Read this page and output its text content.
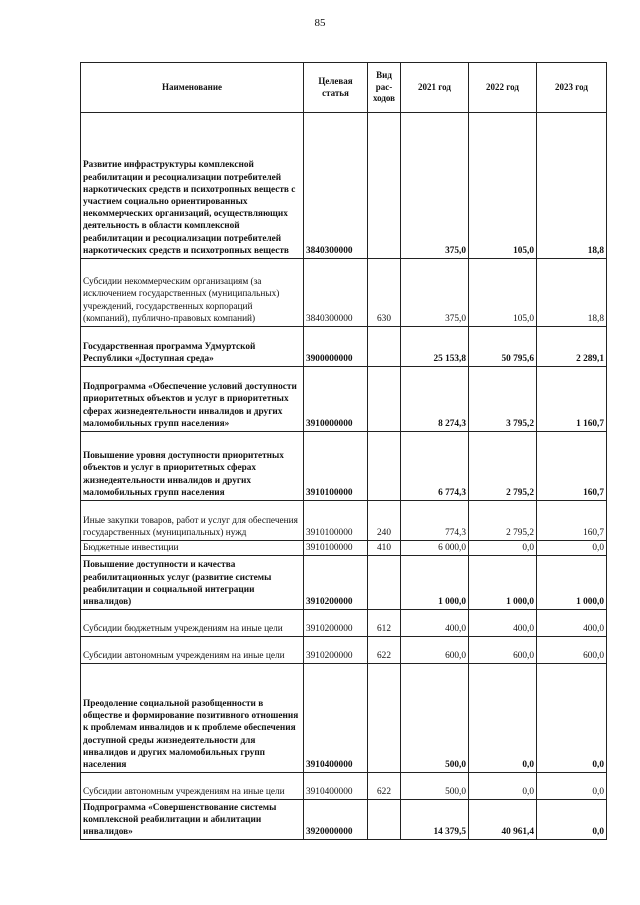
85
Наименование	Целевая статья	Вид рас-ходов	2021 год	2022 год	2023 год
Развитие инфраструктуры комплексной реабилитации и ресоциализации потребителей наркотических средств и психотропных веществ с участием социально ориентированных некоммерческих организаций, осуществляющих деятельность в области комплексной реабилитации и ресоциализации потребителей наркотических средств и психотропных веществ	3840300000		375,0	105,0	18,8
Субсидии некоммерческим организациям (за исключением государственных (муниципальных) учреждений, государственных корпораций (компаний), публично-правовых компаний)	3840300000	630	375,0	105,0	18,8
Государственная программа Удмуртской Республики «Доступная среда»	3900000000		25 153,8	50 795,6	2 289,1
Подпрограмма «Обеспечение условий доступности приоритетных объектов и услуг в приоритетных сферах жизнедеятельности инвалидов и других маломобильных групп населения»	3910000000		8 274,3	3 795,2	1 160,7
Повышение уровня доступности приоритетных объектов и услуг в приоритетных сферах жизнедеятельности инвалидов и других маломобильных групп населения	3910100000		6 774,3	2 795,2	160,7
Иные закупки товаров, работ и услуг для обеспечения государственных (муниципальных) нужд	3910100000	240	774,3	2 795,2	160,7
Бюджетные инвестиции	3910100000	410	6 000,0	0,0	0,0
Повышение доступности и качества реабилитационных услуг (развитие системы реабилитации и социальной интеграции инвалидов)	3910200000		1 000,0	1 000,0	1 000,0
Субсидии бюджетным учреждениям на иные цели	3910200000	612	400,0	400,0	400,0
Субсидии автономным учреждениям на иные цели	3910200000	622	600,0	600,0	600,0
Преодоление социальной разобщенности в обществе и формирование позитивного отношения к проблемам инвалидов и к проблеме обеспечения доступной среды жизнедеятельности для инвалидов и других маломобильных групп населения	3910400000		500,0	0,0	0,0
Субсидии автономным учреждениям на иные цели	3910400000	622	500,0	0,0	0,0
Подпрограмма «Совершенствование системы комплексной реабилитации и абилитации инвалидов»	3920000000		14 379,5	40 961,4	0,0
